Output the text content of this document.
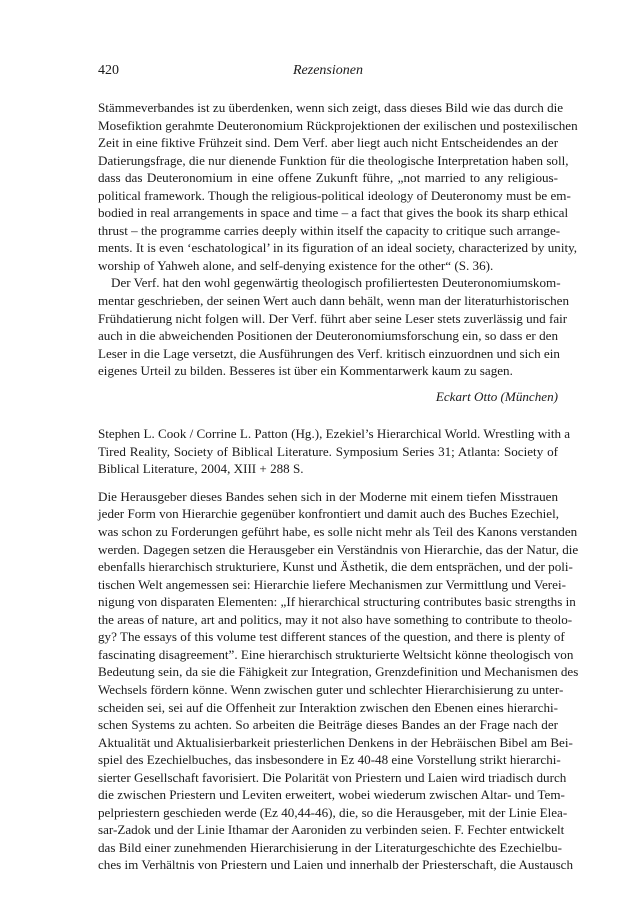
420	Rezensionen

Stämmeverbandes ist zu überdenken, wenn sich zeigt, dass dieses Bild wie das durch die
Mosefiktion gerahmte Deuteronomium Rückprojektionen der exilischen und postexilischen
Zeit in eine fiktive Frühzeit sind. Dem Verf. aber liegt auch nicht Entscheidendes an der
Datierungsfrage, die nur dienende Funktion für die theologische Interpretation haben soll,
dass das Deuteronomium in eine offene Zukunft führe, „not married to any religious-
political framework. Though the religious-political ideology of Deuteronomy must be em-
bodied in real arrangements in space and time – a fact that gives the book its sharp ethical
thrust – the programme carries deeply within itself the capacity to critique such arrange-
ments. It is even ‘eschatological’ in its figuration of an ideal society, characterized by unity,
worship of Yahweh alone, and self-denying existence for the other“ (S. 36).

Der Verf. hat den wohl gegenwärtig theologisch profiliertesten Deuteronomiumskom-
mentar geschrieben, der seinen Wert auch dann behält, wenn man der literaturhistorischen
Frühdatierung nicht folgen will. Der Verf. führt aber seine Leser stets zuverlässig und fair
auch in die abweichenden Positionen der Deuteronomiumsforschung ein, so dass er den
Leser in die Lage versetzt, die Ausführungen des Verf. kritisch einzuordnen und sich ein
eigenes Urteil zu bilden. Besseres ist über ein Kommentarwerk kaum zu sagen.

Eckart Otto (München)
Stephen L. Cook / Corrine L. Patton (Hg.), Ezekiel’s Hierarchical World. Wrestling with a
Tired Reality, Society of Biblical Literature. Symposium Series 31; Atlanta: Society of
Biblical Literature, 2004, XIII + 288 S.
Die Herausgeber dieses Bandes sehen sich in der Moderne mit einem tiefen Misstrauen
jeder Form von Hierarchie gegenüber konfrontiert und damit auch des Buches Ezechiel,
was schon zu Forderungen geführt habe, es solle nicht mehr als Teil des Kanons verstanden
werden. Dagegen setzen die Herausgeber ein Verständnis von Hierarchie, das der Natur, die
ebenfalls hierarchisch strukturiere, Kunst und Ästhetik, die dem entsprächen, und der poli-
tischen Welt angemessen sei: Hierarchie liefere Mechanismen zur Vermittlung und Verei-
nigung von disparaten Elementen: „If hierarchical structuring contributes basic strengths in
the areas of nature, art and politics, may it not also have something to contribute to theolo-
gy? The essays of this volume test different stances of the question, and there is plenty of
fascinating disagreement”. Eine hierarchisch strukturierte Weltsicht könne theologisch von
Bedeutung sein, da sie die Fähigkeit zur Integration, Grenzdefinition und Mechanismen des
Wechsels fördern könne. Wenn zwischen guter und schlechter Hierarchisierung zu unter-
scheiden sei, sei auf die Offenheit zur Interaktion zwischen den Ebenen eines hierarchi-
schen Systems zu achten. So arbeiten die Beiträge dieses Bandes an der Frage nach der
Aktualität und Aktualisierbarkeit priesterlichen Denkens in der Hebräischen Bibel am Bei-
spiel des Ezechielbuches, das insbesondere in Ez 40-48 eine Vorstellung strikt hierarchi-
sierter Gesellschaft favorisiert. Die Polarität von Priestern und Laien wird triadisch durch
die zwischen Priestern und Leviten erweitert, wobei wiederum zwischen Altar- und Tem-
pelpriestern geschieden werde (Ez 40,44-46), die, so die Herausgeber, mit der Linie Elea-
sar-Zadok und der Linie Ithamar der Aaroniden zu verbinden seien. F. Fechter entwickelt
das Bild einer zunehmenden Hierarchisierung in der Literaturgeschichte des Ezechielbu-
ches im Verhältnis von Priestern und Laien und innerhalb der Priesterschaft, die Austausch
